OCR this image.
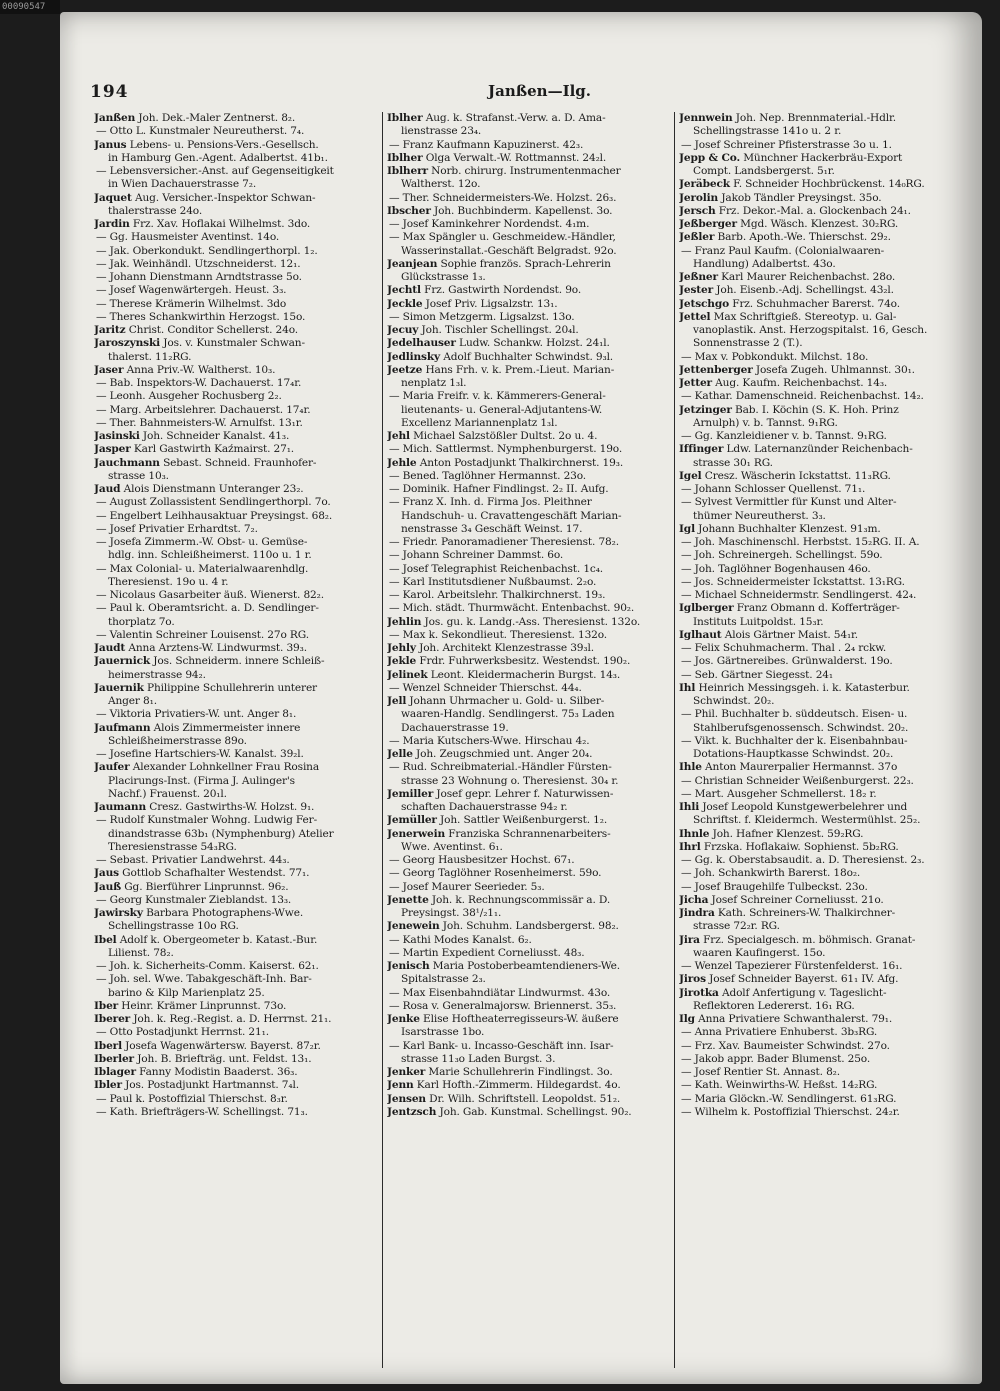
00090547
194	Janßen—Ilg.
Janßen Joh. Dek.-Maler Zentnerst. 8₂.
— Otto L. Kunstmaler Neureutherst. 7₄.
Janus Lebens- u. Pensions-Vers.-Gesellsch.
in Hamburg Gen.-Agent. Adalbertst. 41b₁.
— Lebensversicher.-Anst. auf Gegenseitigkeit
in Wien Dachauerstrasse 7₂.
Jaquet Aug. Versicher.-Inspektor Schwan-
thalerstrasse 24o.
Jardin Frz. Xav. Hoflakai Wilhelmst. 3do.
— Gg. Hausmeister Aventinst. 14o.
— Jak. Oberkondukt. Sendlingerthorpl. 1₂.
— Jak. Weinhändl. Utzschneiderst. 12₁.
— Johann Dienstmann Arndtstrasse 5o.
— Josef Wagenwärtergeh. Heust. 3₃.
— Therese Krämerin Wilhelmst. 3do
— Theres Schankwirthin Herzogst. 15o.
Jaritz Christ. Conditor Schellerst. 24o.
Jaroszynski Jos. v. Kunstmaler Schwan-
thalerst. 11₂RG.
Jaser Anna Priv.-W. Waltherst. 10₃.
— Bab. Inspektors-W. Dachauerst. 17₄r.
— Leonh. Ausgeher Rochusberg 2₂.
— Marg. Arbeitslehrer. Dachauerst. 17₄r.
— Ther. Bahnmeisters-W. Arnulfst. 13₁r.
Jasinski Joh. Schneider Kanalst. 41₃.
Jasper Karl Gastwirth Kaźmairst. 27₁.
Jauchmann Sebast. Schneid. Fraunhofer-
strasse 10₃.
Jaud Alois Dienstmann Unteranger 23₂.
— August Zollassistent Sendlingerthorpl. 7o.
— Engelbert Leihhausaktuar Preysingst. 68₂.
— Josef Privatier Erhardtst. 7₂.
— Josefa Zimmerm.-W. Obst- u. Gemüse-
hdlg. inn. Schleißheimerst. 110o u. 1 r.
— Max Colonial- u. Materialwaarenhdlg.
Theresienst. 19o u. 4 r.
— Nicolaus Gasarbeiter äuß. Wienerst. 82₂.
— Paul k. Oberamtsricht. a. D. Sendlinger-
thorplatz 7o.
— Valentin Schreiner Louisenst. 27o RG.
Jaudt Anna Arztens-W. Lindwurmst. 39₃.
Jauernick Jos. Schneiderm. innere Schleiß-
heimerstrasse 94₂.
Jauernik Philippine Schullehrerin unterer
Anger 8₁.
— Viktoria Privatiers-W. unt. Anger 8₁.
Jaufmann Alois Zimmermeister innere
Schleißheimerstrasse 89o.
— Josefine Hartschiers-W. Kanalst. 39₂l.
Jaufer Alexander Lohnkellner Frau Rosina
Placirungs-Inst. (Firma J. Aulinger's
Nachf.) Frauenst. 20₁l.
Jaumann Cresz. Gastwirths-W. Holzst. 9₁.
— Rudolf Kunstmaler Wohng. Ludwig Fer-
dinandstrasse 63b₁ (Nymphenburg) Atelier
Theresienstrasse 54₃RG.
— Sebast. Privatier Landwehrst. 44₃.
Jaus Gottlob Schafhalter Westendst. 77₁.
Jauß Gg. Bierführer Linprunnst. 96₂.
— Georg Kunstmaler Zieblandst. 13₃.
Jawirsky Barbara Photographens-Wwe.
Schellingstrasse 10o RG.
Ibel Adolf k. Obergeometer b. Katast.-Bur.
Lilienst. 78₂.
— Joh. k. Sicherheits-Comm. Kaiserst. 62₁.
— Joh. sel. Wwe. Tabakgeschäft-Inh. Bar-
barino & Kilp Marienplatz 25.
Iber Heinr. Krämer Linprunnst. 73o.
Iberer Joh. k. Reg.-Regist. a. D. Herrnst. 21₁.
— Otto Postadjunkt Herrnst. 21₁.
Iberl Josefa Wagenwärtersw. Bayerst. 87₂r.
Iberler Joh. B. Briefträg. unt. Feldst. 13₁.
Iblager Fanny Modistin Baaderst. 36₃.
Ibler Jos. Postadjunkt Hartmannst. 7₄l.
— Paul k. Postoffizial Thierschst. 8₃r.
— Kath. Briefträgers-W. Schellingst. 71₃.
Iblher Aug. k. Strafanst.-Verw. a. D. Ama-
lienstrasse 23₄.
— Franz Kaufmann Kapuzinerst. 42₃.
Iblher Olga Verwalt.-W. Rottmannst. 24₂l.
Iblherr Norb. chirurg. Instrumentenmacher
Waltherst. 12o.
— Ther. Schneidermeisters-We. Holzst. 26₃.
Ibscher Joh. Buchbinderm. Kapellenst. 3o.
— Josef Kaminkehrer Nordendst. 4₁m.
— Max Spängler u. Geschmeidew.-Händler,
Wasserinstallat.-Geschäft Belgradst. 92o.
Jeanjean Sophie französ. Sprach-Lehrerin
Glückstrasse 1₃.
Jechtl Frz. Gastwirth Nordendst. 9o.
Jeckle Josef Priv. Ligsalzstr. 13₁.
— Simon Metzgerm. Ligsalzst. 13o.
Jecuy Joh. Tischler Schellingst. 20₄l.
Jedelhauser Ludw. Schankw. Holzst. 24₁l.
Jedlinsky Adolf Buchhalter Schwindst. 9₃l.
Jeetze Hans Frh. v. k. Prem.-Lieut. Marian-
nenplatz 1₃l.
— Maria Freifr. v. k. Kämmerers-General-
lieutenants- u. General-Adjutantens-W.
Excellenz Mariannenplatz 1₃l.
Jehl Michael Salzstößler Dultst. 2o u. 4.
— Mich. Sattlermst. Nymphenburgerst. 19o.
Jehle Anton Postadjunkt Thalkirchnerst. 19₃.
— Bened. Taglöhner Hermannst. 23o.
— Dominik. Hafner Findlingst. 2₂ II. Aufg.
— Franz X. Inh. d. Firma Jos. Pleithner
Handschuh- u. Cravattengeschäft Marian-
nenstrasse 3₄ Geschäft Weinst. 17.
— Friedr. Panoramadiener Theresienst. 78₂.
— Johann Schreiner Dammst. 6o.
— Josef Telegraphist Reichenbachst. 1c₄.
— Karl Institutsdiener Nußbaumst. 2₂o.
— Karol. Arbeitslehr. Thalkirchnerst. 19₃.
— Mich. städt. Thurmwächt. Entenbachst. 90₂.
Jehlin Jos. gu. k. Landg.-Ass. Theresienst. 132o.
— Max k. Sekondlieut. Theresienst. 132o.
Jehly Joh. Architekt Klenzestrasse 39₃l.
Jekle Frdr. Fuhrwerksbesitz. Westendst. 190₂.
Jelinek Leont. Kleidermacherin Burgst. 14₃.
— Wenzel Schneider Thierschst. 44₄.
Jell Johann Uhrmacher u. Gold- u. Silber-
waaren-Handlg. Sendlingerst. 75₃ Laden
Dachauerstrasse 19.
— Maria Kutschers-Wwe. Hirschau 4₂.
Jelle Joh. Zeugschmied unt. Anger 20₄.
— Rud. Schreibmaterial.-Händler Fürsten-
strasse 23 Wohnung o. Theresienst. 30₄ r.
Jemiller Josef gepr. Lehrer f. Naturwissen-
schaften Dachauerstrasse 94₂ r.
Jemüller Joh. Sattler Weißenburgerst. 1₂.
Jenerwein Franziska Schrannenarbeiters-
Wwe. Aventinst. 6₁.
— Georg Hausbesitzer Hochst. 67₁.
— Georg Taglöhner Rosenheimerst. 59o.
— Josef Maurer Seerieder. 5₃.
Jenette Joh. k. Rechnungscommissär a. D.
Preysingst. 38¹/₂1₁.
Jenewein Joh. Schuhm. Landsbergerst. 98₂.
— Kathi Modes Kanalst. 6₂.
— Martin Expedient Corneliusst. 48₃.
Jenisch Maria Postoberbeamtendieners-We.
Spitalstrasse 2₃.
— Max Eisenbahndiätar Lindwurmst. 43o.
— Rosa v. Generalmajorsw. Briennerst. 35₃.
Jenke Elise Hoftheaterregisseurs-W. äußere
Isarstrasse 1bo.
— Karl Bank- u. Incasso-Geschäft inn. Isar-
strasse 11₃o Laden Burgst. 3.
Jenker Marie Schullehrerin Findlingst. 3o.
Jenn Karl Hofth.-Zimmerm. Hildegardst. 4o.
Jensen Dr. Wilh. Schriftstell. Leopoldst. 51₂.
Jentzsch Joh. Gab. Kunstmal. Schellingst. 90₂.
Jennwein Joh. Nep. Brennmaterial.-Hdlr.
Schellingstrasse 141o u. 2 r.
— Josef Schreiner Pfisterstrasse 3o u. 1.
Jepp & Co. Münchner Hackerbräu-Export
Compt. Landsbergerst. 5₁r.
Jeräbeck F. Schneider Hochbrückenst. 14₀RG.
Jerolin Jakob Tändler Preysingst. 35o.
Jersch Frz. Dekor.-Mal. a. Glockenbach 24₁.
Jeßberger Mgd. Wäsch. Klenzest. 30₂RG.
Jeßler Barb. Apoth.-We. Thierschst. 29₂.
— Franz Paul Kaufm. (Colonialwaaren-
Handlung) Adalbertst. 43o.
Jeßner Karl Maurer Reichenbachst. 28o.
Jester Joh. Eisenb.-Adj. Schellingst. 43₂l.
Jetschgo Frz. Schuhmacher Barerst. 74o.
Jettel Max Schriftgieß. Stereotyp. u. Gal-
vanoplastik. Anst. Herzogspitalst. 16, Gesch.
Sonnenstrasse 2 (T.).
— Max v. Pobkondukt. Milchst. 18o.
Jettenberger Josefa Zugeh. Uhlmannst. 30₁.
Jetter Aug. Kaufm. Reichenbachst. 14₃.
— Kathar. Damenschneid. Reichenbachst. 14₂.
Jetzinger Bab. I. Köchin (S. K. Hoh. Prinz
Arnulph) v. b. Tannst. 9₁RG.
— Gg. Kanzleidiener v. b. Tannst. 9₁RG.
Iffinger Ldw. Laternanzünder Reichenbach-
strasse 30₁ RG.
Igel Cresz. Wäscherin Ickstattst. 11₃RG.
— Johann Schlosser Quellenst. 71₁.
— Sylvest Vermittler für Kunst und Alter-
thümer Neureutherst. 3₃.
Igl Johann Buchhalter Klenzest. 91₃m.
— Joh. Maschinenschl. Herbstst. 15₂RG. II. A.
— Joh. Schreinergeh. Schellingst. 59o.
— Joh. Taglöhner Bogenhausen 46o.
— Jos. Schneidermeister Ickstattst. 13₁RG.
— Michael Schneidermstr. Sendlingerst. 42₄.
Iglberger Franz Obmann d. Kofferträger-
Instituts Luitpoldst. 15₃r.
Iglhaut Alois Gärtner Maist. 54₁r.
— Felix Schuhmacherm. Thal . 2₄ rckw.
— Jos. Gärtnereibes. Grünwalderst. 19o.
— Seb. Gärtner Siegesst. 24₁
Ihl Heinrich Messingsgeh. i. k. Katasterbur.
Schwindst. 20₂.
— Phil. Buchhalter b. süddeutsch. Eisen- u.
Stahlberufsgenossensch. Schwindst. 20₂.
— Vikt. k. Buchhalter der k. Eisenbahnbau-
Dotations-Hauptkasse Schwindst. 20₂.
Ihle Anton Maurerpalier Hermannst. 37o
— Christian Schneider Weißenburgerst. 22₃.
— Mart. Ausgeher Schmellerst. 18₂ r.
Ihli Josef Leopold Kunstgewerbelehrer und
Schriftst. f. Kleidermch. Westermühlst. 25₂.
Ihnle Joh. Hafner Klenzest. 59₂RG.
Ihrl Frzska. Hoflakaiw. Sophienst. 5b₂RG.
— Gg. k. Oberstabsaudit. a. D. Theresienst. 2₃.
— Joh. Schankwirth Barerst. 18o₂.
— Josef Braugehilfe Tulbeckst. 23o.
Jicha Josef Schreiner Corneliusst. 21o.
Jindra Kath. Schreiners-W. Thalkirchner-
strasse 72₂r. RG.
Jira Frz. Specialgesch. m. böhmisch. Granat-
waaren Kaufingerst. 15o.
— Wenzel Tapezierer Fürstenfelderst. 16₁.
Jiros Josef Schneider Bayerst. 61₁ IV. Afg.
Jirotka Adolf Anfertigung v. Tageslicht-
Reflektoren Ledererst. 16₁ RG.
Ilg Anna Privatiere Schwanthalerst. 79₁.
— Anna Privatiere Enhuberst. 3b₃RG.
— Frz. Xav. Baumeister Schwindst. 27o.
— Jakob appr. Bader Blumenst. 25o.
— Josef Rentier St. Annast. 8₂.
— Kath. Weinwirths-W. Heßst. 14₂RG.
— Maria Glöckn.-W. Sendlingerst. 61₃RG.
— Wilhelm k. Postoffizial Thierschst. 24₂r.
